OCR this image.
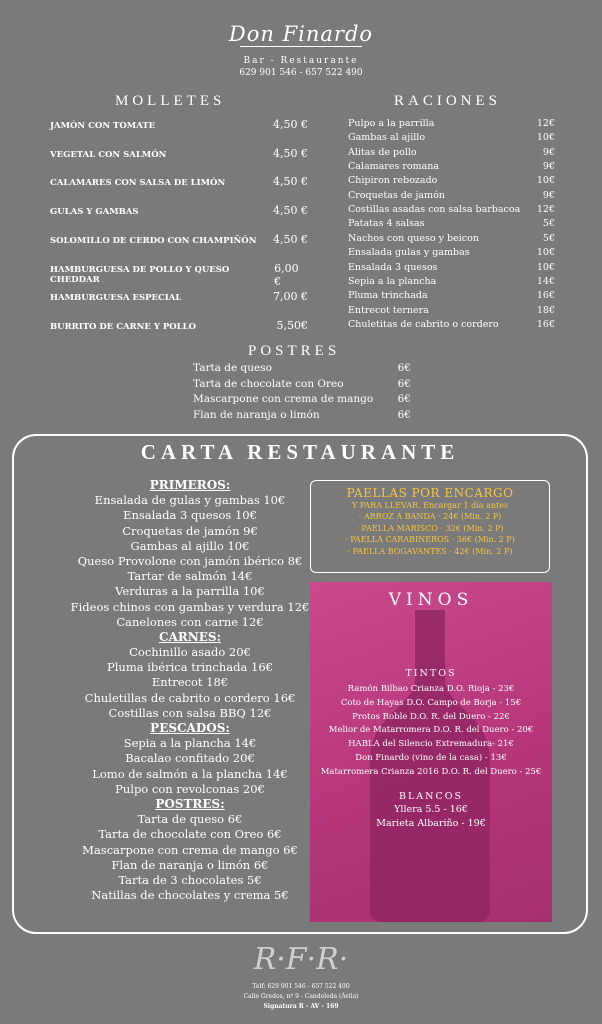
Don Finardo
Bar - Restaurante
629 901 546 - 657 522 490
MOLLETES
JAMÓN CON TOMATE	4,50 €
VEGETAL CON SALMÓN	4,50 €
CALAMARES CON SALSA DE LIMÓN	4,50 €
GULAS Y GAMBAS	4,50 €
SOLOMILLO DE CERDO CON CHAMPIÑÓN 4,50 €
HAMBURGUESA DE POLLO Y QUESO CHEDDAR
6,00 €
HAMBURGUESA ESPECIAL	7,00 €
BURRITO DE CARNE Y POLLO	5,50€
RACIONES
Pulpo a la parrilla	12€
Gambas al ajillo	10€
Alitas de pollo	9€
Calamares romana	9€
Chipiron rebozado	10€
Croquetas de jamón	9€
Costillas asadas con salsa barbacoa 12€
Patatas 4 salsas	5€
Nachos con queso y beicon	5€
Ensalada gulas y gambas	10€
Ensalada 3 quesos	10€
Sepia a la plancha	14€
Pluma trinchada	16€
Entrecot ternera	18€
Chuletitas de cabrito o cordero	16€
POSTRES
Tarta de queso	6€
Tarta de chocolate con Oreo	6€
Mascarpone con crema de mango 6€
Flan de naranja o limón	6€
CARTA RESTAURANTE
PRIMEROS:
Ensalada de gulas y gambas 10€
Ensalada 3 quesos 10€
Croquetas de jamón 9€
Gambas al ajillo 10€
Queso Provolone con jamón ibérico 8€
Tartar de salmón 14€
Verduras a la parrilla 10€
Fideos chinos con gambas y verdura 12€
Canelones con carne 12€
CARNES:
Cochinillo asado 20€
Pluma ibérica trinchada 16€
Entrecot 18€
Chuletillas de cabrito o cordero 16€
Costillas con salsa BBQ 12€
PESCADOS:
Sepia a la plancha 14€
Bacalao confitado 20€
Lomo de salmón a la plancha 14€
Pulpo con revolconas 20€
POSTRES:
Tarta de queso 6€
Tarta de chocolate con Oreo 6€
Mascarpone con crema de mango 6€
Flan de naranja o limón 6€
Tarta de 3 chocolates 5€
Natillas de chocolates y crema 5€
PAELLAS POR ENCARGO
Y PARA LLEVAR. Encargar 1 día antes
· ARROZ A BANDA · 24€ (Min. 2 P)
· PAELLA MARISCO · 32€ (Min. 2 P)
· PAELLA CARABINEROS · 36€ (Min. 2 P)
· PAELLA BOGAVANTES · 42€ (Min. 2 P)
VINOS
TINTOS
Ramón Bilbao Crianza D.O. Rioja - 23€
Coto de Hayas D.O. Campo de Borja - 15€
Protos Roble D.O. R. del Duero - 22€
Melior de Matarromera D.O. R. del Duero - 20€
HABLA del Silencio Extremadura- 21€
Don Finardo (vino de la casa) - 13€
Matarromera Crianza 2016 D.O. R. del Duero - 25€
BLANCOS
Yllera 5.5 - 16€
Marieta Albariño - 19€
R·F·R·
Telf: 629 901 546 - 657 522 490
Calle Gredos, nº 9 - Candeleda (Ávila)
Signatura R - AV - 169
